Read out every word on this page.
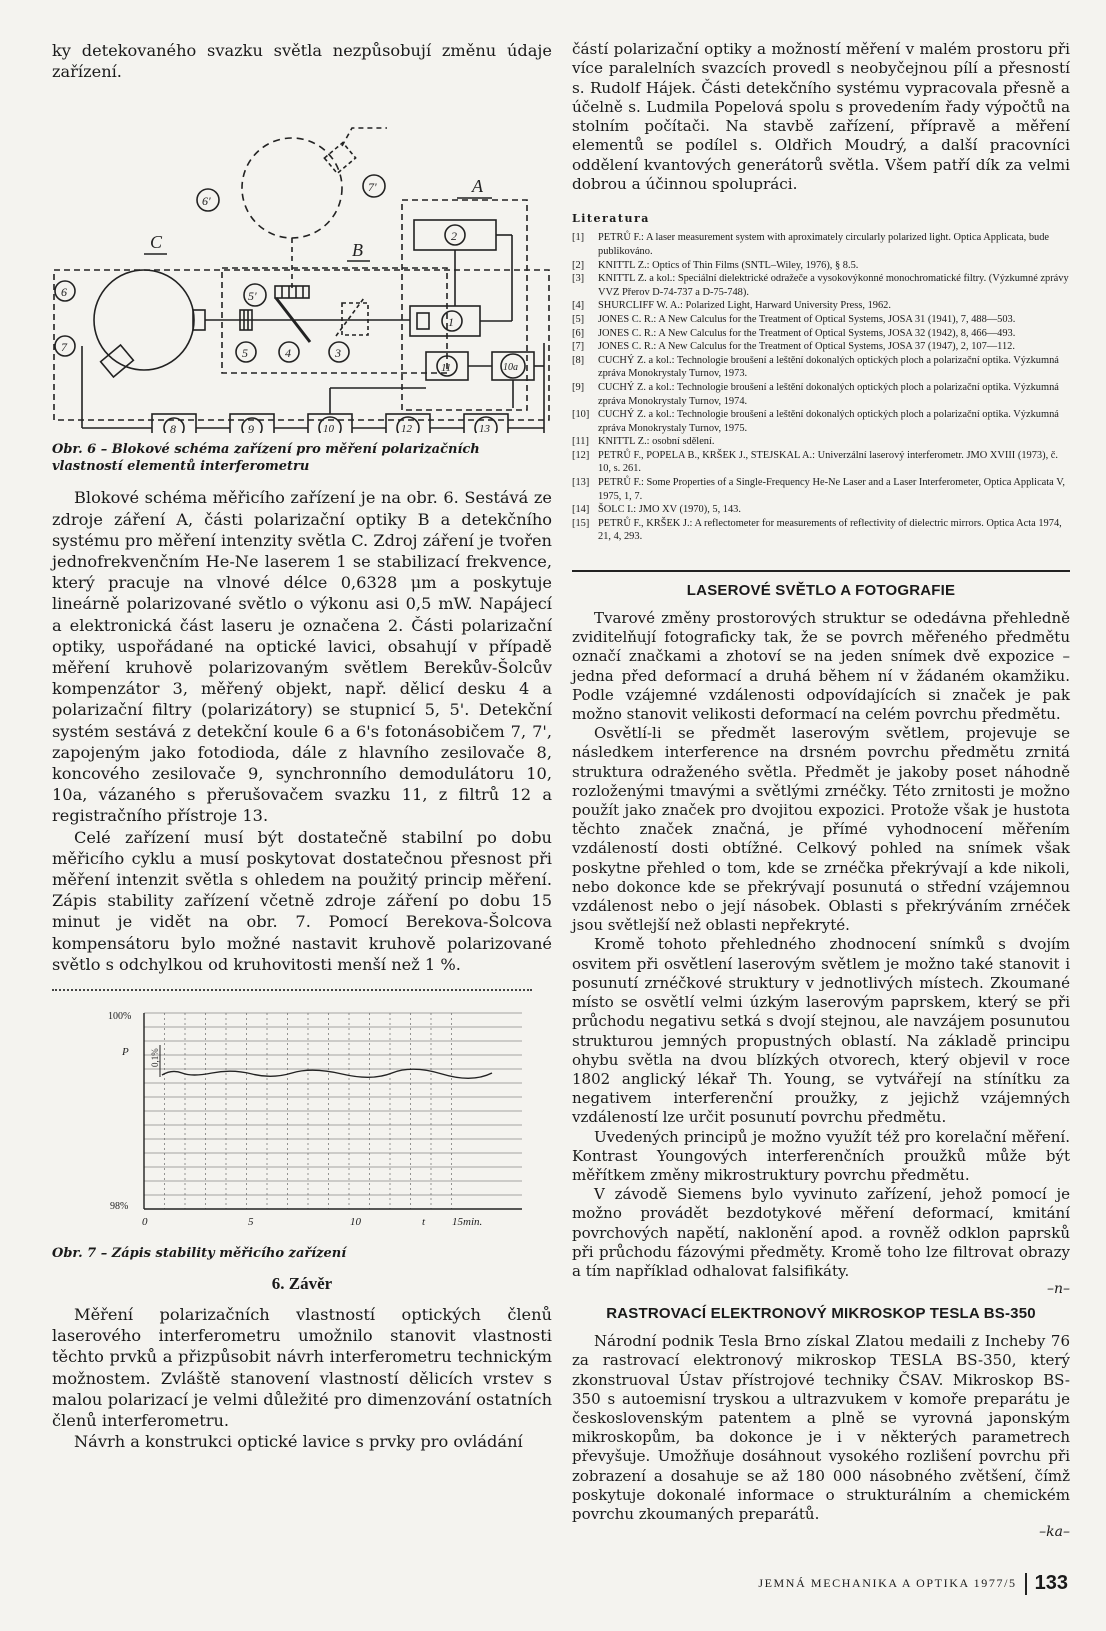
ky detekovaného svazku světla nezpůsobují změnu údaje zařízení.

C	B
A
6'
7'
6
7
5'
5	4	3
1
2
11	10a
8	9	10	12	13
Obr. 6 – Blokové schéma zařízení pro měření polarizačních vlastností elementů interferometru

Blokové schéma měřicího zařízení je na obr. 6. Sestává ze zdroje záření A, části polarizační optiky B a detekčního systému pro měření intenzity světla C. Zdroj záření je tvořen jednofrekvenčním He-Ne laserem 1 se stabilizací frekvence, který pracuje na vlnové délce 0,6328 μm a poskytuje lineárně polarizované světlo o výkonu asi 0,5 mW. Napájecí a elektronická část laseru je označena 2. Části polarizační optiky, uspořádané na optické lavici, obsahují v případě měření kruhově polarizovaným světlem Berekův-Šolcův kompenzátor 3, měřený objekt, např. dělicí desku 4 a polarizační filtry (polarizátory) se stupnicí 5, 5'. Detekční systém sestává z detekční koule 6 a 6's fotonásobičem 7, 7', zapojeným jako fotodioda, dále z hlavního zesilovače 8, koncového zesilovače 9, synchronního demodulátoru 10, 10a, vázaného s přerušovačem svazku 11, z filtrů 12 a registračního přístroje 13.

Celé zařízení musí být dostatečně stabilní po dobu měřicího cyklu a musí poskytovat dostatečnou přesnost při měření intenzit světla s ohledem na použitý princip měření. Zápis stability zařízení včetně zdroje záření po dobu 15 minut je vidět na obr. 7. Pomocí Berekova-Šolcova kompensátoru bylo možné nastavit kruhově polarizované světlo s odchylkou od kruhovitosti menší než 1 %.

100%
98%
P 0,1%
0	5	10	15min.
t
Obr. 7 – Zápis stability měřicího zařízení
6. Závěr

Měření polarizačních vlastností optických členů laserového interferometru umožnilo stanovit vlastnosti těchto prvků a přizpůsobit návrh interferometru technickým možnostem. Zvláště stanovení vlastností dělicích vrstev s malou polarizací je velmi důležité pro dimenzování ostatních členů interferometru.

Návrh a konstrukci optické lavice s prvky pro ovládání

částí polarizační optiky a možností měření v malém prostoru při více paralelních svazcích provedl s neobyčejnou pílí a přesností s. Rudolf Hájek. Části detekčního systému vypracovala přesně a účelně s. Ludmila Popelová spolu s provedením řady výpočtů na stolním počítači. Na stavbě zařízení, přípravě a měření elementů se podílel s. Oldřich Moudrý, a další pracovníci oddělení kvantových generátorů světla. Všem patří dík za velmi dobrou a účinnou spolupráci.

Literatura
[1]	PETRŮ F.: A laser measurement system with aproximately circularly polarized light. Optica Applicata, bude publikováno.
[2]	KNITTL Z.: Optics of Thin Films (SNTL–Wiley, 1976), § 8.5.
[3]	KNITTL Z. a kol.: Speciální dielektrické odražeče a vysokovýkonné monochromatické filtry. (Výzkumné zprávy VVZ Přerov D-74-737 a D-75-748).
[4]	SHURCLIFF W. A.: Polarized Light, Harward University Press, 1962.
[5]	JONES C. R.: A New Calculus for the Treatment of Optical Systems, JOSA 31 (1941), 7, 488—503.
[6]	JONES C. R.: A New Calculus for the Treatment of Optical Systems, JOSA 32 (1942), 8, 466—493.
[7]	JONES C. R.: A New Calculus for the Treatment of Optical Systems, JOSA 37 (1947), 2, 107—112.
[8]	CUCHÝ Z. a kol.: Technologie broušení a leštění dokonalých optických ploch a polarizační optika. Výzkumná zpráva Monokrystaly Turnov, 1973.
[9]	CUCHÝ Z. a kol.: Technologie broušení a leštění dokonalých optických ploch a polarizační optika. Výzkumná zpráva Monokrystaly Turnov, 1974.
[10] CUCHÝ Z. a kol.: Technologie broušení a leštění dokonalých optických ploch a polarizační optika. Výzkumná zpráva Monokrystaly Turnov, 1975.
[11] KNITTL Z.: osobní sdělení.
[12] PETRŮ F., POPELA B., KRŠEK J., STEJSKAL A.: Univerzální laserový interferometr. JMO XVIII (1973), č. 10, s. 261.
[13] PETRŮ F.: Some Properties of a Single-Frequency He-Ne Laser and a Laser Interferometer, Optica Applicata V, 1975, 1, 7.
[14] ŠOLC I.: JMO XV (1970), 5, 143.
[15] PETRŮ F., KRŠEK J.: A reflectometer for measurements of reflectivity of dielectric mirrors. Optica Acta 1974, 21, 4, 293.
LASEROVÉ SVĚTLO A FOTOGRAFIE

Tvarové změny prostorových struktur se odedávna přehledně zviditelňují fotograficky tak, že se povrch měřeného předmětu označí značkami a zhotoví se na jeden snímek dvě expozice – jedna před deformací a druhá během ní v žádaném okamžiku. Podle vzájemné vzdálenosti odpovídajících si značek je pak možno stanovit velikosti deformací na celém povrchu předmětu.

Osvětlí-li se předmět laserovým světlem, projevuje se následkem interference na drsném povrchu předmětu zrnitá struktura odraženého světla. Předmět je jakoby poset náhodně rozloženými tmavými a světlými zrnéčky. Této zrnitosti je možno použít jako značek pro dvojitou expozici. Protože však je hustota těchto značek značná, je přímé vyhodnocení měřením vzdáleností dosti obtížné. Celkový pohled na snímek však poskytne přehled o tom, kde se zrnéčka překrývají a kde nikoli, nebo dokonce kde se překrývají posunutá o střední vzájemnou vzdálenost nebo o její násobek. Oblasti s překrýváním zrnéček jsou světlejší než oblasti nepřekryté.

Kromě tohoto přehledného zhodnocení snímků s dvojím osvitem při osvětlení laserovým světlem je možno také stanovit i posunutí zrnéčkové struktury v jednotlivých místech. Zkoumané místo se osvětlí velmi úzkým laserovým paprskem, který se při průchodu negativu setká s dvojí stejnou, ale navzájem posunutou strukturou jemných propustných oblastí. Na základě principu ohybu světla na dvou blízkých otvorech, který objevil v roce 1802 anglický lékař Th. Young, se vytvářejí na stínítku za negativem interferenční proužky, z jejichž vzájemných vzdáleností lze určit posunutí povrchu předmětu.

Uvedených principů je možno využít též pro korelační měření. Kontrast Youngových interferenčních proužků může být měřítkem změny mikrostruktury povrchu předmětu.

V závodě Siemens bylo vyvinuto zařízení, jehož pomocí je možno provádět bezdotykové měření deformací, kmitání povrchových napětí, naklonění apod. a rovněž odklon paprsků při průchodu fázovými předměty. Kromě toho lze filtrovat obrazy a tím například odhalovat falsifikáty.

–n–
RASTROVACÍ ELEKTRONOVÝ MIKROSKOP TESLA BS-350

Národní podnik Tesla Brno získal Zlatou medaili z Incheby 76 za rastrovací elektronový mikroskop TESLA BS-350, který zkonstruoval Ústav přístrojové techniky ČSAV. Mikroskop BS-350 s autoemisní tryskou a ultrazvukem v komoře preparátu je československým patentem a plně se vyrovná japonským mikroskopům, ba dokonce je i v některých parametrech převyšuje. Umožňuje dosáhnout vysokého rozlišení povrchu při zobrazení a dosahuje se až 180 000 násobného zvětšení, čímž poskytuje dokonalé informace o strukturálním a chemickém povrchu zkoumaných preparátů.

–ka–
JEMNÁ MECHANIKA A OPTIKA 1977/5 133
